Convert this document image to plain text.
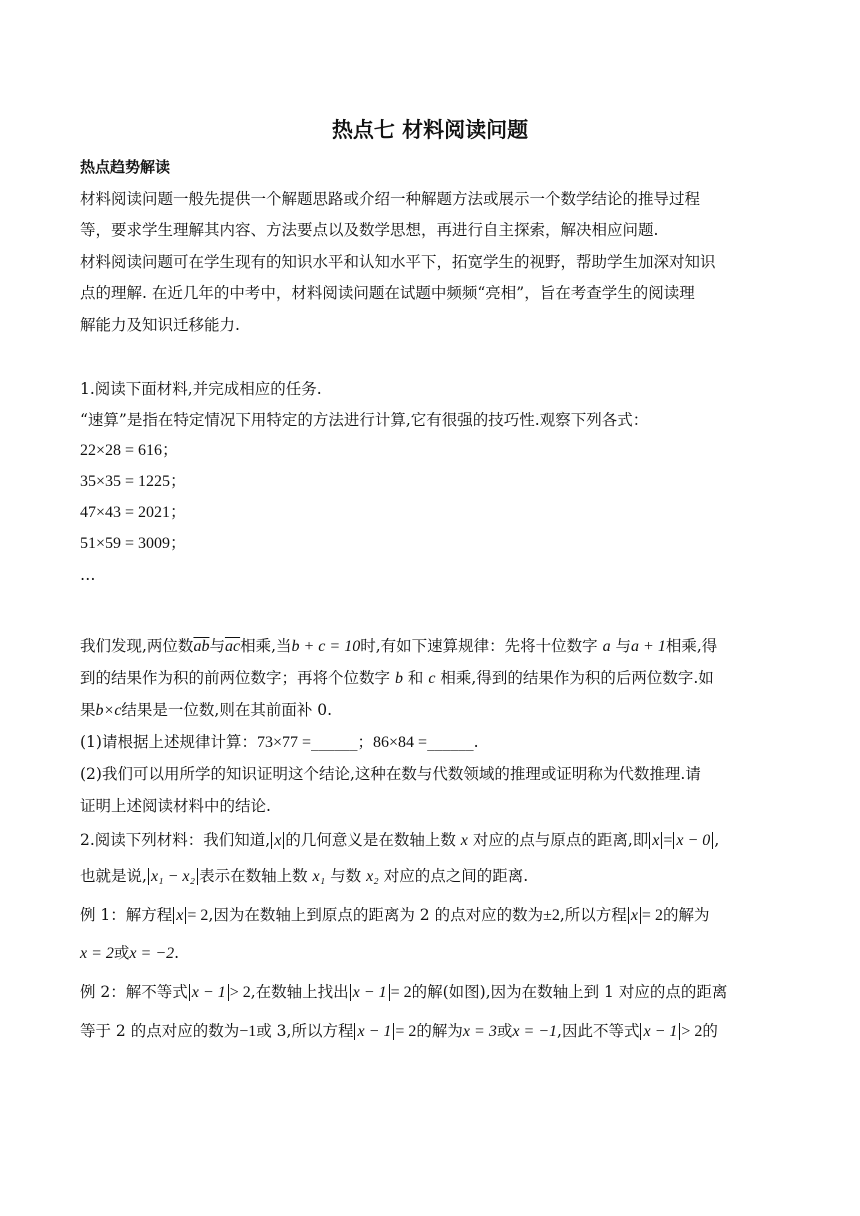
热点七 材料阅读问题
热点趋势解读
材料阅读问题一般先提供一个解题思路或介绍一种解题方法或展示一个数学结论的推导过程
等，要求学生理解其内容、方法要点以及数学思想，再进行自主探索，解决相应问题.
材料阅读问题可在学生现有的知识水平和认知水平下，拓宽学生的视野，帮助学生加深对知识
点的理解. 在近几年的中考中，材料阅读问题在试题中频频“亮相”，旨在考查学生的阅读理
解能力及知识迁移能力.
1.阅读下面材料,并完成相应的任务.
“速算”是指在特定情况下用特定的方法进行计算,它有很强的技巧性.观察下列各式：
22×28 = 616；
35×35 = 1225；
47×43 = 2021；
51×59 = 3009；
…
我们发现,两位数$\overline{ab}$与$\overline{ac}$相乘,当b + c = 10时,有如下速算规律：先将十位数字 a 与a + 1相乘,得
到的结果作为积的前两位数字；再将个位数字 b 和 c 相乘,得到的结果作为积的后两位数字.如
果b×c结果是一位数,则在其前面补 0.
(1)请根据上述规律计算：73×77 =______；86×84 =______.
(2)我们可以用所学的知识证明这个结论,这种在数与代数领域的推理或证明称为代数推理.请
证明上述阅读材料中的结论.
2.阅读下列材料：我们知道, x 的几何意义是在数轴上数 x 对应的点与原点的距离,即 x = x − 0 ,
也就是说, x₁ − x₂ 表示在数轴上数 x₁ 与数 x₂ 对应的点之间的距离.
例 1：解方程 x = 2,因为在数轴上到原点的距离为 2 的点对应的数为±2,所以方程 x = 2的解为
x = 2或x = −2.
例 2：解不等式 x − 1 > 2,在数轴上找出 x − 1 = 2的解(如图),因为在数轴上到 1 对应的点的距离
等于 2 的点对应的数为−1或 3,所以方程 x − 1 = 2的解为x = 3或x = −1,因此不等式 x − 1 > 2的
